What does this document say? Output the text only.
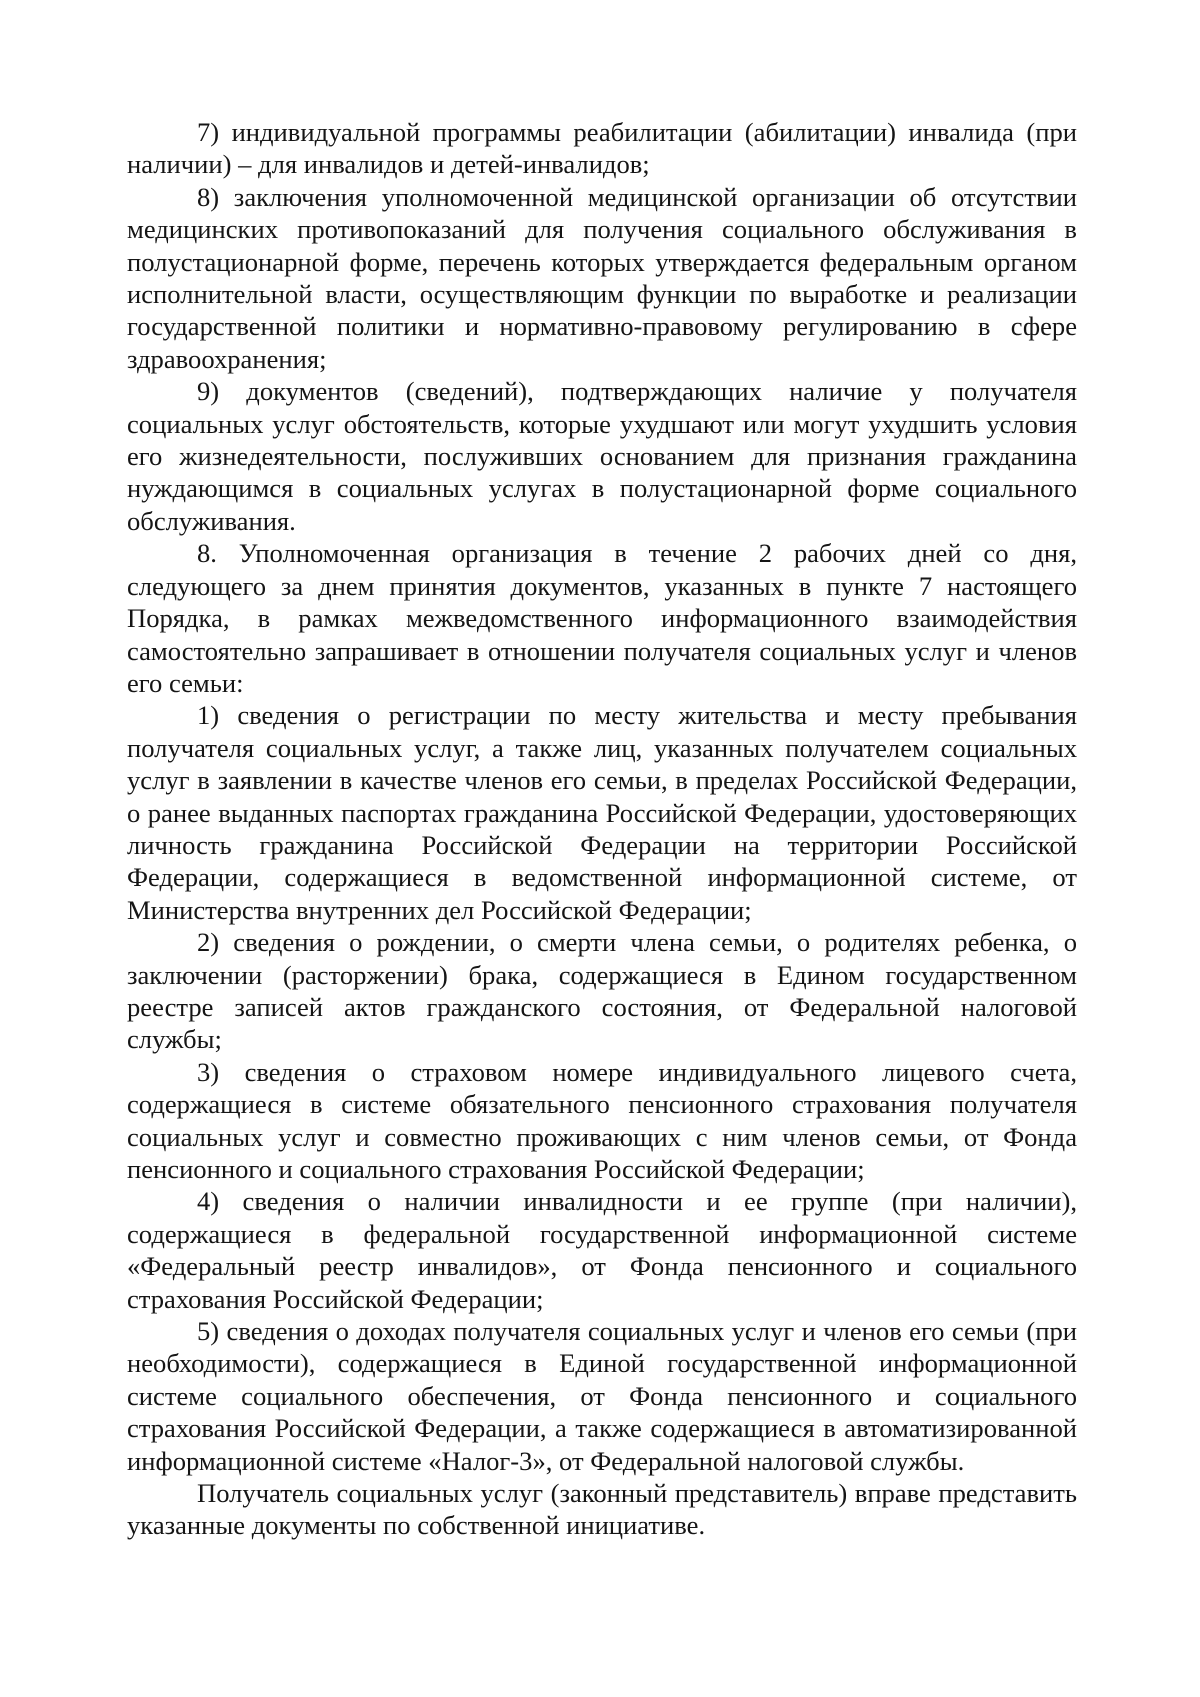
7) индивидуальной программы реабилитации (абилитации) инвалида (при наличии) – для инвалидов и детей-инвалидов;

8) заключения уполномоченной медицинской организации об отсутствии медицинских противопоказаний для получения социального обслуживания в полустационарной форме, перечень которых утверждается федеральным органом исполнительной власти, осуществляющим функции по выработке и реализации государственной политики и нормативно-правовому регулированию в сфере здравоохранения;

9) документов (сведений), подтверждающих наличие у получателя социальных услуг обстоятельств, которые ухудшают или могут ухудшить условия его жизнедеятельности, послуживших основанием для признания гражданина нуждающимся в социальных услугах в полустационарной форме социального обслуживания.

8. Уполномоченная организация в течение 2 рабочих дней со дня, следующего за днем принятия документов, указанных в пункте 7 настоящего Порядка, в рамках межведомственного информационного взаимодействия самостоятельно запрашивает в отношении получателя социальных услуг и членов его семьи:

1) сведения о регистрации по месту жительства и месту пребывания получателя социальных услуг, а также лиц, указанных получателем социальных услуг в заявлении в качестве членов его семьи, в пределах Российской Федерации, о ранее выданных паспортах гражданина Российской Федерации, удостоверяющих личность гражданина Российской Федерации на территории Российской Федерации, содержащиеся в ведомственной информационной системе, от Министерства внутренних дел Российской Федерации;

2) сведения о рождении, о смерти члена семьи, о родителях ребенка, о заключении (расторжении) брака, содержащиеся в Едином государственном реестре записей актов гражданского состояния, от Федеральной налоговой службы;

3) сведения о страховом номере индивидуального лицевого счета, содержащиеся в системе обязательного пенсионного страхования получателя социальных услуг и совместно проживающих с ним членов семьи, от Фонда пенсионного и социального страхования Российской Федерации;

4) сведения о наличии инвалидности и ее группе (при наличии), содержащиеся в федеральной государственной информационной системе «Федеральный реестр инвалидов», от Фонда пенсионного и социального страхования Российской Федерации;

5) сведения о доходах получателя социальных услуг и членов его семьи (при необходимости), содержащиеся в Единой государственной информационной системе социального обеспечения, от Фонда пенсионного и социального страхования Российской Федерации, а также содержащиеся в автоматизированной информационной системе «Налог-3», от Федеральной налоговой службы.

Получатель социальных услуг (законный представитель) вправе представить указанные документы по собственной инициативе.
